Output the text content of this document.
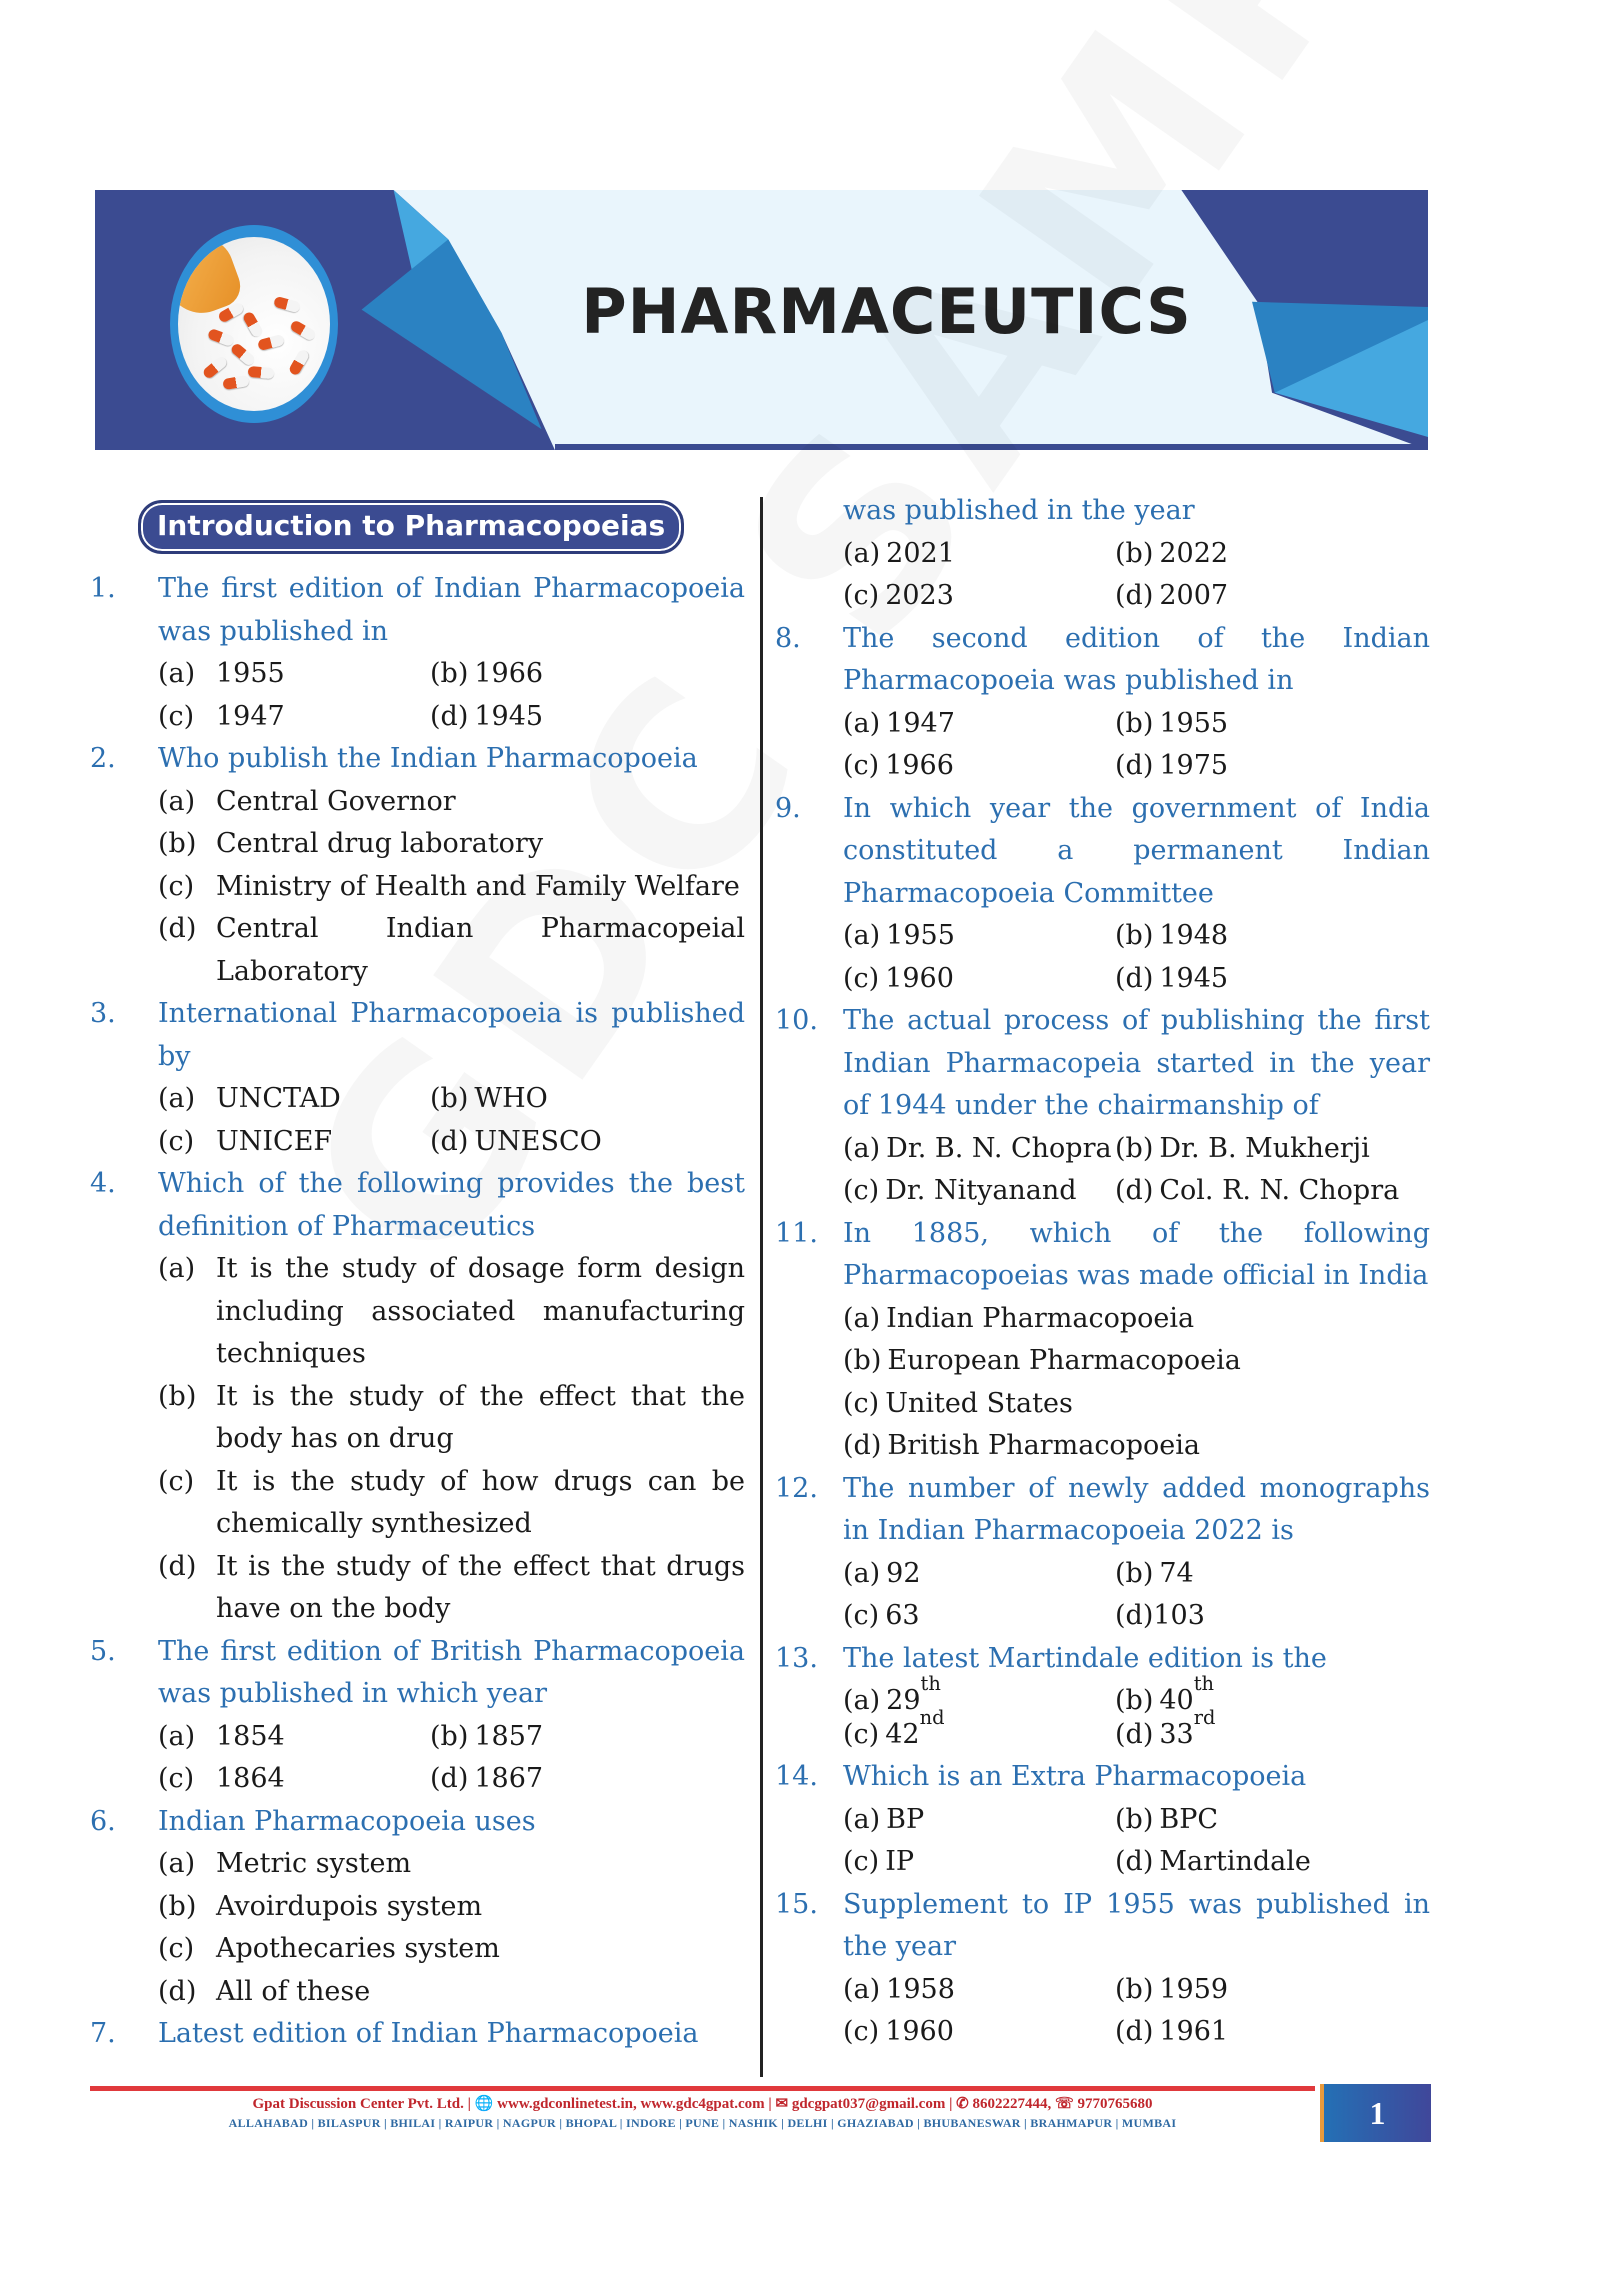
PHARMACEUTICS
Introduction to Pharmacopoeias
1.	The first edition of Indian Pharmacopoeia was published in
(a) 1955	(b) 1966
(c) 1947	(d) 1945
2.	Who publish the Indian Pharmacopoeia
(a) Central Governor
(b) Central drug laboratory
(c) Ministry of Health and Family Welfare
(d) Central Indian Pharmacopeial Laboratory
3.	International Pharmacopoeia is published by
(a) UNCTAD	(b) WHO
(c) UNICEF	(d) UNESCO
4.	Which of the following provides the best definition of Pharmaceutics
(a) It is the study of dosage form design including associated manufacturing techniques
(b) It is the study of the effect that the body has on drug
(c) It is the study of how drugs can be chemically synthesized
(d) It is the study of the effect that drugs have on the body
5.	The first edition of British Pharmacopoeia was published in which year
(a) 1854	(b) 1857
(c) 1864	(d) 1867
6.	Indian Pharmacopoeia uses
(a) Metric system
(b) Avoirdupois system
(c) Apothecaries system
(d) All of these
7.	Latest edition of Indian Pharmacopoeia
was published in the year
(a) 2021	(b) 2022
(c) 2023	(d) 2007
8.	The second edition of the Indian Pharmacopoeia was published in
(a) 1947	(b) 1955
(c) 1966	(d) 1975
9.	In which year the government of India constituted a permanent Indian Pharmacopoeia Committee
(a) 1955	(b) 1948
(c) 1960	(d) 1945
10. The actual process of publishing the first Indian Pharmacopeia started in the year of 1944 under the chairmanship of
(a) Dr. B. N. Chopra (b) Dr. B. Mukherji
(c) Dr. Nityanand	(d) Col. R. N. Chopra
11. In 1885, which of the following Pharmacopoeias was made official in India
(a) Indian Pharmacopoeia
(b) European Pharmacopoeia
(c) United States
(d) British Pharmacopoeia
12. The number of newly added monographs in Indian Pharmacopoeia 2022 is
(a) 92	(b) 74
(c) 63	(d) 103
13. The latest Martindale edition is the
(a) 29
th
(b) 40
th
(c) 42
nd
(d) 33
rd
14. Which is an Extra Pharmacopoeia
(a) BP	(b) BPC
(c) IP	(d) Martindale
15. Supplement to IP 1955 was published in the year
(a) 1958	(b) 1959
(c) 1960	(d) 1961
Gpat Discussion Center Pvt. Ltd. | 🌐 www.gdconlinetest.in, www.gdc4gpat.com | ✉ gdcgpat037@gmail.com | ✆ 8602227444, ☏ 9770765680
ALLAHABAD | BILASPUR | BHILAI | RAIPUR | NAGPUR | BHOPAL | INDORE | PUNE | NASHIK | DELHI | GHAZIABAD | BHUBANESWAR | BRAHMAPUR | MUMBAI	1
